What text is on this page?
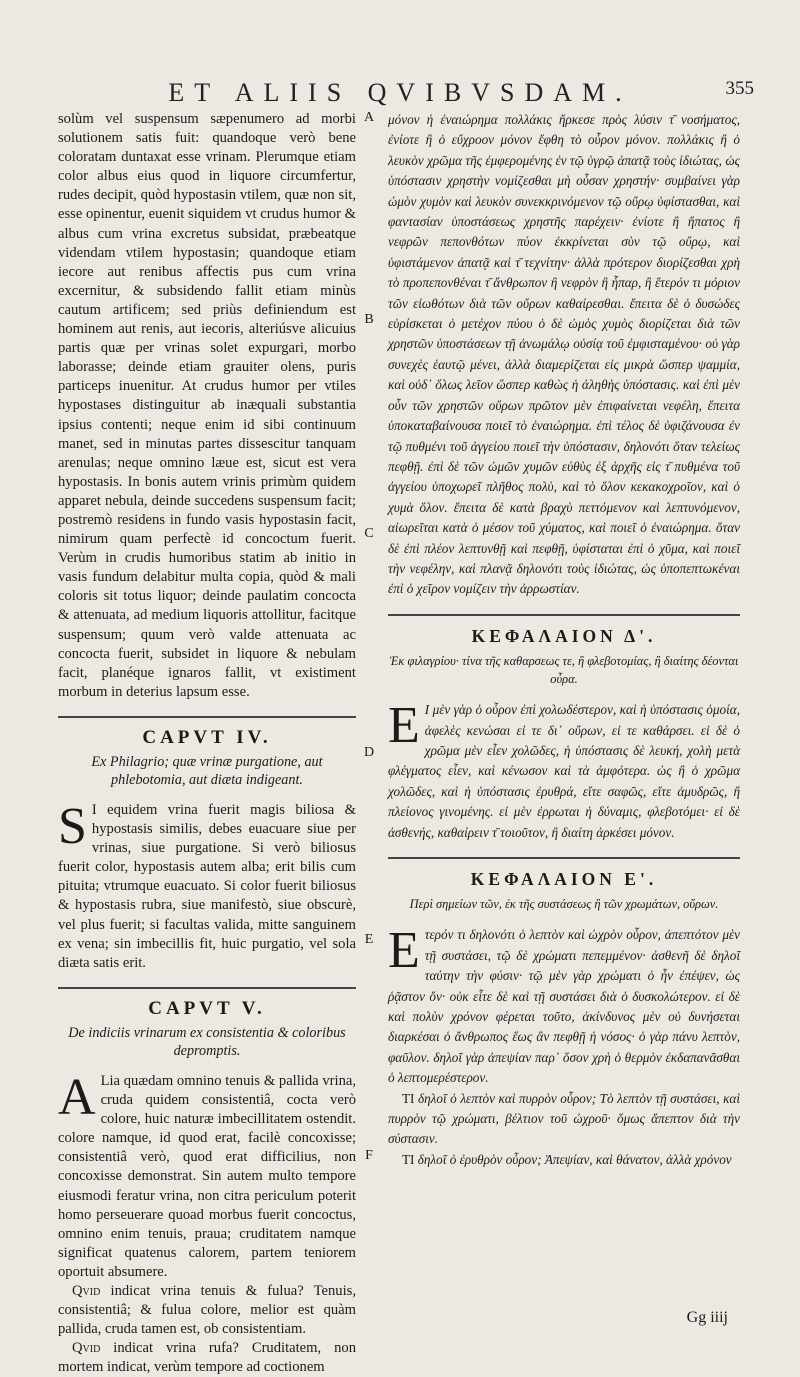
ET ALIIS QVIBVSDAM.	355
A
B
C
D
E
F

solùm vel suspensum sæpenumero ad morbi solutionem satis fuit: quandoque verò bene coloratam duntaxat esse vrinam. Plerumque etiam color albus eius quod in liquore circumfertur, rudes decipit, quòd hypostasin vtilem, quæ non sit, esse opinentur, euenit siquidem vt crudus humor & albus cum vrina excretus subsidat, præbeatque videndam vtilem hypostasin; quandoque etiam iecore aut renibus affectis pus cum vrina excernitur, & subsidendo fallit etiam minùs cautum artificem; sed priùs definiendum est hominem aut renis, aut iecoris, alteriúsve alicuius partis quæ per vrinas solet expurgari, morbo laborasse; deinde etiam grauiter olens, puris particeps inuenitur. At crudus humor per vtiles hypostases distinguitur ab inæquali substantia ipsius contenti; neque enim id sibi continuum manet, sed in minutas partes dissescitur tanquam arenulas; neque omnino læue est, sicut est vera hypostasis. In bonis autem vrinis primùm quidem apparet nebula, deinde succedens suspensum facit; postremò residens in fundo vasis hypostasin facit, nimirum quam perfectè id concoctum fuerit. Verùm in crudis humoribus statim ab initio in vasis fundum delabitur multa copia, quòd & mali coloris sit totus liquor; deinde paulatim concocta & attenuata, ad medium liquoris attollitur, facitque suspensum; quum verò valde attenuata ac concocta fuerit, subsidet in liquore & nebulam facit, planéque ignaros fallit, vt existiment morbum in deterius lapsum esse.

CAPVT IV.

Ex Philagrio; quæ vrinæ purgatione, aut phlebotomia, aut diæta indigeant.

S I equidem vrina fuerit magis biliosa & hypostasis similis, debes euacuare siue per vrinas, siue purgatione. Si verò biliosus fuerit color, hypostasis autem alba; erit bilis cum pituita; vtrumque euacuato. Si color fuerit biliosus & hypostasis rubra, siue manifestò, siue obscurè, vel plus fuerit; si facultas valida, mitte sanguinem ex vena; sin imbecillis fit, huic purgatio, vel sola diæta satis erit.

CAPVT V.

De indiciis vrinarum ex consistentia & coloribus depromptis.

A Lia quædam omnino tenuis & pallida vrina, cruda quidem consistentiâ, cocta verò colore, huic naturæ imbecillitatem ostendit. colore namque, id quod erat, facilè concoxisse; consistentiâ verò, quod erat difficilius, non concoxisse demonstrat. Sin autem multo tempore eiusmodi feratur vrina, non citra periculum poterit homo perseuerare quoad morbus fuerit concoctus, omnino enim tenuis, praua; cruditatem namque significat quatenus calorem, partem teniorem oportuit absumere.

Qvid indicat vrina tenuis & fulua? Tenuis, consistentiâ; & fulua colore, melior est quàm pallida, cruda tamen est, ob consistentiam.

Qvid indicat vrina rufa? Cruditatem, non mortem indicat, verùm tempore ad coctionem

μόνον ἡ ἐναιώρημα πολλάκις ἤρκεσε πρὸς λύσιν τ̄ νοσήματος, ἐνίοτε ἢ ὁ εὔχροον μόνον ἔφθη τὸ οὖρον μόνον. πολλάκις ἢ ὁ λευκὸν χρῶμα τῆς ἐμφερομένης ἐν τῷ ὑγρῷ ἀπατᾷ τοὺς ἰδιώτας, ὡς ὑπόστασιν χρηστὴν νομίζεσθαι μὴ οὖσαν χρηστήν· συμβαίνει γὰρ ὠμὸν χυμὸν καὶ λευκὸν συνεκκρινόμενον τῷ οὔρῳ ὑφίστασθαι, καὶ φαντασίαν ὑποστάσεως χρηστῆς παρέχειν· ἐνίοτε ἢ ἥπατος ἢ νεφρῶν πεπονθότων πύον ἐκκρίνεται σὺν τῷ οὔρῳ, καὶ ὑφιστάμενον ἀπατᾷ καὶ τ̄ τεχνίτην· ἀλλὰ πρότερον διορίζεσθαι χρὴ τὸ προπεπονθέναι τ̄ ἄνθρωπον ἢ νεφρὸν ἢ ἧπαρ, ἢ ἕτερόν τι μόριον τῶν εἰωθότων διὰ τῶν οὔρων καθαίρεσθαι. ἔπειτα δὲ ὁ δυσώδες εὑρίσκεται ὁ μετέχον πύου ὁ δὲ ὠμὸς χυμὸς διορίζεται διὰ τῶν χρηστῶν ὑποστάσεων τῇ ἀνωμάλῳ οὐσίᾳ τοῦ ἐμφισταμένου· οὐ γὰρ συνεχὲς ἑαυτῷ μένει, ἀλλὰ διαμερίζεται εἰς μικρὰ ὥσπερ ψαμμία, καὶ οὐδ᾽ ὅλως λεῖον ὥσπερ καθὼς ἡ ἀληθὴς ὑπόστασις. καὶ ἐπὶ μὲν οὖν τῶν χρηστῶν οὔρων πρῶτον μὲν ἐπιφαίνεται νεφέλη, ἔπειτα ὑποκαταβαίνουσα ποιεῖ τὸ ἐναιώρημα. ἐπὶ τέλος δὲ ὑφιζάνουσα ἐν τῷ πυθμένι τοῦ ἀγγείου ποιεῖ τὴν ὑπόστασιν, δηλονότι ὅταν τελείως πεφθῇ. ἐπὶ δὲ τῶν ὠμῶν χυμῶν εὐθὺς ἐξ ἀρχῆς εἰς τ̄ πυθμένα τοῦ ἀγγείου ὑποχωρεῖ πλῆθος πολὺ, καὶ τὸ ὅλον κεκακοχροῖον, καὶ ὁ χυμὰ ὅλον. ἔπειτα δὲ κατὰ βραχὺ πεττόμενον καὶ λεπτυνόμενον, αἰωρεῖται κατὰ ὁ μέσον τοῦ χύματος, καὶ ποιεῖ ὁ ἐναιώρημα. ὅταν δὲ ἐπὶ πλέον λεπτυνθῇ καὶ πεφθῇ, ὑφίσταται ἐπὶ ὁ χῦμα, καὶ ποιεῖ τὴν νεφέλην, καὶ πλανᾷ δηλονότι τοὺς ἰδιώτας, ὡς ὑποπεπτωκέναι ἐπὶ ὁ χεῖρον νομίζειν τὴν ἀρρωστίαν.

ΚΕΦΑΛΑΙΟΝ Δ'.

Ἐκ φιλαγρίου· τίνα τῆς καθαρσεως τε, ἢ φλεβοτομίας, ἢ διαίτης δέονται οὖρα.

Ε Ι μὲν γὰρ ὁ οὖρον ἐπὶ χολωδέστερον, καὶ ἡ ὑπόστασις ὁμοία, ἀφελὲς κενώσαι εἰ τε δι᾽ οὔρων, εἰ τε καθάρσει. εἰ δὲ ὁ χρῶμα μὲν εἶεν χολῶδες, ἡ ὑπόστασις δὲ λευκή, χολὴ μετὰ φλέγματος εἶεν, καὶ κένωσον καὶ τὰ ἀμφότερα. ὡς ἢ ὁ χρῶμα χολῶδες, καὶ ἡ ὑπόστασις ἐρυθρά, εἴτε σαφῶς, εἴτε ἀμυδρῶς, ἢ πλείονος γινομένης. εἰ μὲν ἐρρωται ἡ δύναμις, φλεβοτόμει· εἰ δὲ ἀσθενής, καθαίρειν τ̄ τοιοῦτον, ἢ διαίτη ἀρκέσει μόνον.

ΚΕΦΑΛΑΙΟΝ Ε'.

Περὶ σημείων τῶν, ἐκ τῆς συστάσεως ἢ τῶν χρωμάτων, οὔρων.

Ετερόν τι δηλονότι ὁ λεπτὸν καὶ ὠχρὸν οὖρον, ἀπεπτότον μὲν τῇ συστάσει, τῷ δὲ χρώματι πεπεμμένον· ἀσθενῆ δὲ δηλοῖ ταύτην τὴν φύσιν· τῷ μὲν γὰρ χρώματι ὁ ἦν ἐπέψεν, ὡς ῥᾷστον ὄν· οὐκ εἶτε δὲ καὶ τῇ συστάσει διὰ ὁ δυσκολώτερον. εἰ δὲ καὶ πολὺν χρόνον φέρεται τοῦτο, ἀκίνδυνος μὲν οὐ δυνήσεται διαρκέσαι ὁ ἄνθρωπος ἕως ἂν πεφθῇ ἡ νόσος· ὁ γὰρ πάνυ λεπτὸν, φαῦλον. δηλοῖ γὰρ ἀπεψίαν παρ᾽ ὅσον χρὴ ὁ θερμὸν ἐκδαπανᾶσθαι ὁ λεπτομερέστερον.

ΤΙ δηλοῖ ὁ λεπτὸν καὶ πυρρὸν οὖρον; Τὸ λεπτὸν τῇ συστάσει, καὶ πυρρὸν τῷ χρώματι, βέλτιον τοῦ ὠχροῦ· ὅμως ἄπεπτον διὰ τὴν σύστασιν.

ΤΙ δηλοῖ ὁ ἐρυθρὸν οὖρον; Ἀπεψίαν, καὶ θάνατον, ἀλλὰ χρόνον

Gg iiij
